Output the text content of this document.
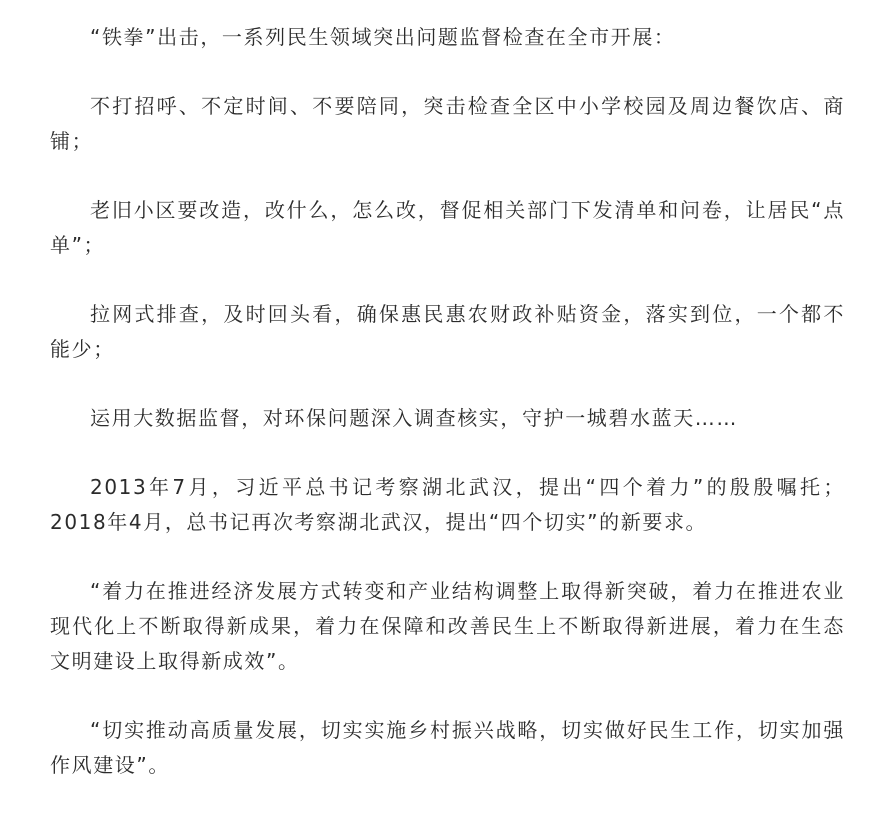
“铁拳”出击，一系列民生领域突出问题监督检查在全市开展：

不打招呼、不定时间、不要陪同，突击检查全区中小学校园及周边餐饮店、商铺；

老旧小区要改造，改什么，怎么改，督促相关部门下发清单和问卷，让居民“点单”；

拉网式排查，及时回头看，确保惠民惠农财政补贴资金，落实到位，一个都不能少；

运用大数据监督，对环保问题深入调查核实，守护一城碧水蓝天……

2013年7月，习近平总书记考察湖北武汉，提出“四个着力”的殷殷嘱托；2018年4月，总书记再次考察湖北武汉，提出“四个切实”的新要求。

“着力在推进经济发展方式转变和产业结构调整上取得新突破，着力在推进农业现代化上不断取得新成果，着力在保障和改善民生上不断取得新进展，着力在生态文明建设上取得新成效”。

“切实推动高质量发展，切实实施乡村振兴战略，切实做好民生工作，切实加强作风建设”。
